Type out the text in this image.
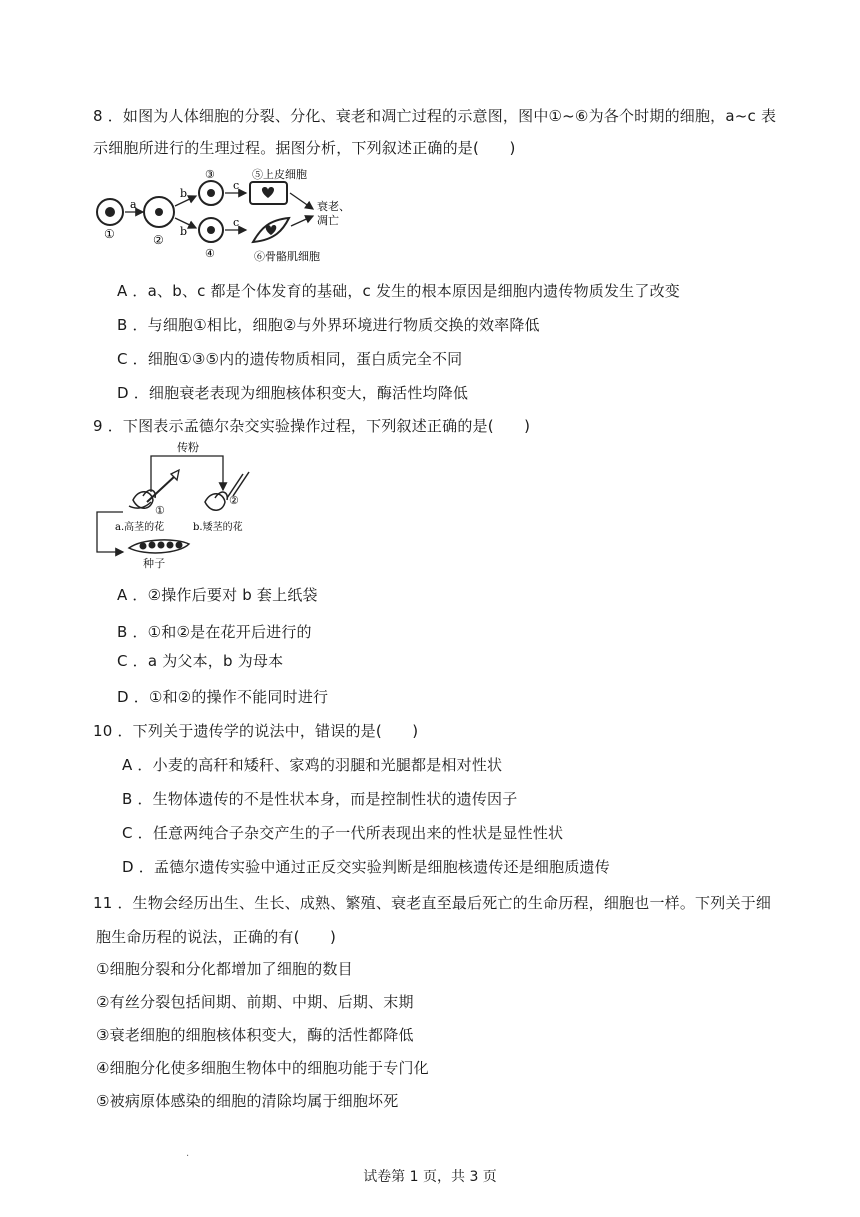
8 ．如图为人体细胞的分裂、分化、衰老和凋亡过程的示意图，图中①~⑥为各个时期的细胞，a~c 表
示细胞所进行的生理过程。据图分析，下列叙述正确的是(　　)
①
a
②
b
b
③
④
c
c
⑤上皮细胞
⑥骨骼肌细胞
衰老、
凋亡
A ．a、b、c 都是个体发育的基础，c 发生的根本原因是细胞内遗传物质发生了改变
B ．与细胞①相比，细胞②与外界环境进行物质交换的效率降低
C ．细胞①③⑤内的遗传物质相同，蛋白质完全不同
D ．细胞衰老表现为细胞核体积变大，酶活性均降低
9 ．下图表示孟德尔杂交实验操作过程，下列叙述正确的是(　　)
传粉
①
a.高茎的花
②
b.矮茎的花
种子
A ．②操作后要对 b 套上纸袋
B ．①和②是在花开后进行的
C ．a 为父本，b 为母本
D ．①和②的操作不能同时进行
10 ．下列关于遗传学的说法中，错误的是(　　)
A ．小麦的高秆和矮秆、家鸡的羽腿和光腿都是相对性状
B ．生物体遗传的不是性状本身，而是控制性状的遗传因子
C ．任意两纯合子杂交产生的子一代所表现出来的性状是显性性状
D ．孟德尔遗传实验中通过正反交实验判断是细胞核遗传还是细胞质遗传
11 ．生物会经历出生、生长、成熟、繁殖、衰老直至最后死亡的生命历程，细胞也一样。下列关于细
胞生命历程的说法，正确的有(　　)
①细胞分裂和分化都增加了细胞的数目
②有丝分裂包括间期、前期、中期、后期、末期
③衰老细胞的细胞核体积变大，酶的活性都降低
④细胞分化使多细胞生物体中的细胞功能于专门化
⑤被病原体感染的细胞的清除均属于细胞坏死
.
试卷第 1 页，共 3 页
